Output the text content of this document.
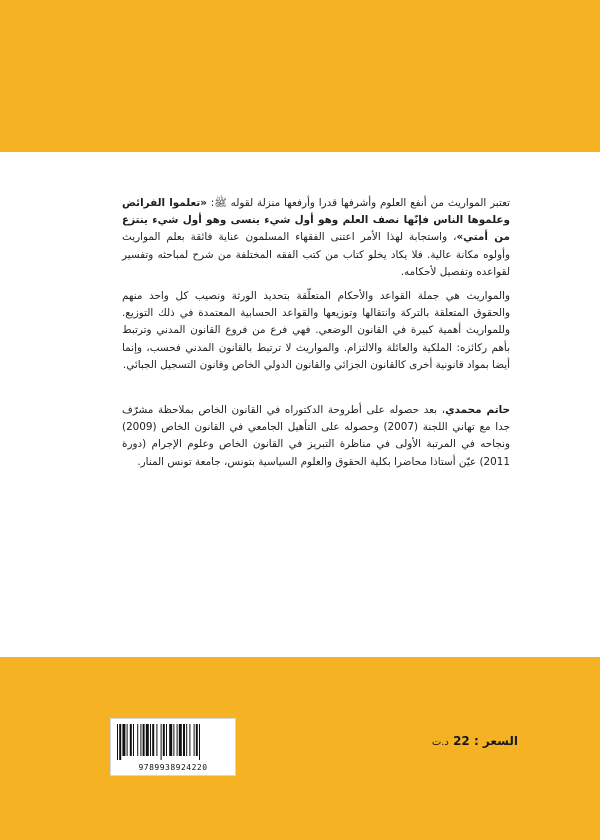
تعتبر المواريث من أنفع العلوم وأشرفها قدرا وأرفعها منزلة لقوله ﷺ: «تعلموا الفرائض وعلموها الناس فإنّها نصف العلم وهو أول شيء ينسى وهو أول شيء ينتزع من أمتي»، واستجابة لهذا الأمر اعتنى الفقهاء المسلمون عناية فائقة بعلم المواريث وأولوه مكانة عالية. فلا يكاد يخلو كتاب من كتب الفقه المختلفة من شرح لمباحثه وتفسير لقواعده وتفصيل لأحكامه.

والمواريث هي جملة القواعد والأحكام المتعلّقة بتحديد الورثة ونصيب كل واحد منهم والحقوق المتعلقة بالتركة وانتقالها وتوزيعها والقواعد الحسابية المعتمدة في ذلك التوزيع. وللمواريث أهمية كبيرة في القانون الوضعي. فهي فرع من فروع القانون المدني وترتبط بأهم ركائزه: الملكية والعائلة والالتزام. والمواريث لا ترتبط بالقانون المدني فحسب، وإنما أيضا بمواد قانونية أخرى كالقانون الجزائي والقانون الدولي الخاص وقانون التسجيل الجبائي.

حاتم محمدي، بعد حصوله على أطروحة الدكتوراه في القانون الخاص بملاحظة مشرّف جدا مع تهاني اللجنة (2007) وحصوله على التأهيل الجامعي في القانون الخاص (2009) ونجاحه في المرتبة الأولى في مناظرة التبريز في القانون الخاص وعلوم الإجرام (دورة 2011) عيّن أستاذا محاضرا بكلية الحقوق والعلوم السياسية بتونس، جامعة تونس المنار.

السعر : 22 د.ت
9789938924220
